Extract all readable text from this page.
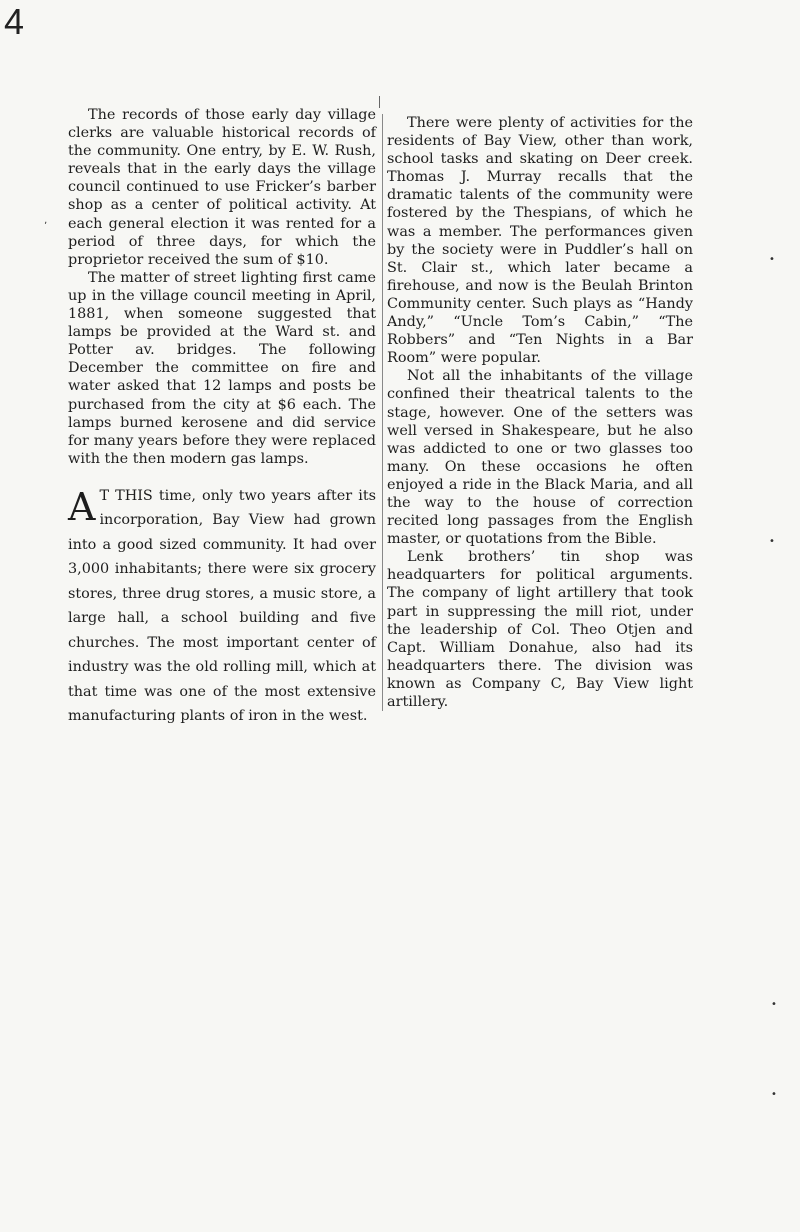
4
ʼ
•
•
•
•

The records of those early day village clerks are valuable historical records of the community. One entry, by E. W. Rush, reveals that in the early days the village council continued to use Fricker’s barber shop as a center of political activity. At each general election it was rented for a period of three days, for which the proprietor received the sum of $10.

The matter of street lighting first came up in the village council meeting in April, 1881, when someone suggested that lamps be provided at the Ward st. and Potter av. bridges. The following December the committee on fire and water asked that 12 lamps and posts be purchased from the city at $6 each. The lamps burned kerosene and did service for many years before they were replaced with the then modern gas lamps.

A T THIS time, only two years after its incorporation, Bay View had grown into a good sized community. It had over 3,000 inhabitants; there were six grocery stores, three drug stores, a music store, a large hall, a school building and five churches. The most important center of industry was the old rolling mill, which at that time was one of the most extensive manufacturing plants of iron in the west.

There were plenty of activities for the residents of Bay View, other than work, school tasks and skating on Deer creek. Thomas J. Murray recalls that the dramatic talents of the community were fostered by the Thespians, of which he was a member. The performances given by the society were in Puddler’s hall on St. Clair st., which later became a firehouse, and now is the Beulah Brinton Community center. Such plays as “Handy Andy,” “Uncle Tom’s Cabin,” “The Robbers” and “Ten Nights in a Bar Room” were popular.

Not all the inhabitants of the village confined their theatrical talents to the stage, however. One of the setters was well versed in Shakespeare, but he also was addicted to one or two glasses too many. On these occasions he often enjoyed a ride in the Black Maria, and all the way to the house of correction recited long passages from the English master, or quotations from the Bible.

Lenk brothers’ tin shop was headquarters for political arguments. The company of light artillery that took part in suppressing the mill riot, under the leadership of Col. Theo Otjen and Capt. William Donahue, also had its headquarters there. The division was known as Company C, Bay View light artillery.
